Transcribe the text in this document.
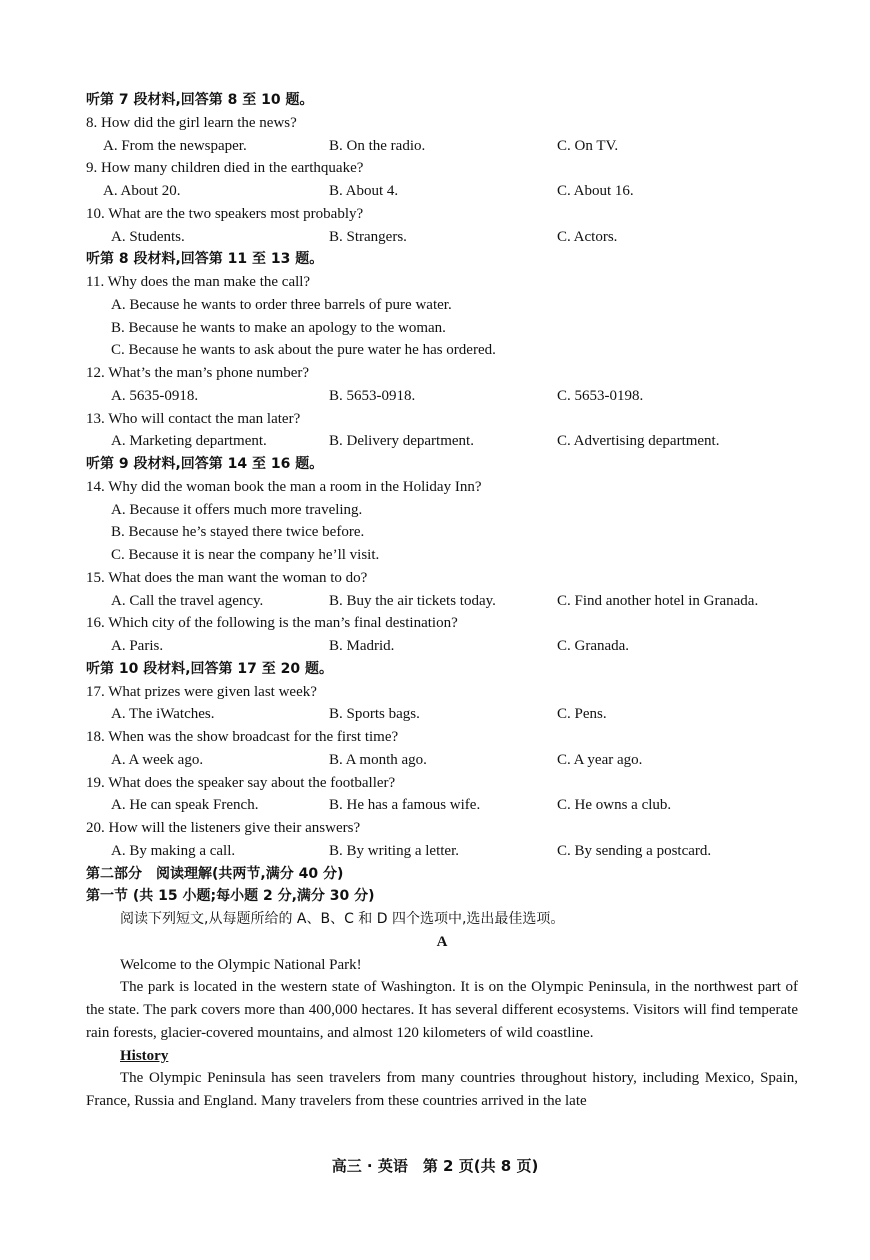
听第 7 段材料,回答第 8 至 10 题。
8. How did the girl learn the news?
A. From the newspaper.	B. On the radio.	C. On TV.
9. How many children died in the earthquake?
A. About 20.	B. About 4.	C. About 16.
10. What are the two speakers most probably?
A. Students.	B. Strangers.	C. Actors.
听第 8 段材料,回答第 11 至 13 题。
11. Why does the man make the call?
A. Because he wants to order three barrels of pure water.
B. Because he wants to make an apology to the woman.
C. Because he wants to ask about the pure water he has ordered.
12. What’s the man’s phone number?
A. 5635-0918.	B. 5653-0918.	C. 5653-0198.
13. Who will contact the man later?
A. Marketing department.	B. Delivery department.	C. Advertising department.
听第 9 段材料,回答第 14 至 16 题。
14. Why did the woman book the man a room in the Holiday Inn?
A. Because it offers much more traveling.
B. Because he’s stayed there twice before.
C. Because it is near the company he’ll visit.
15. What does the man want the woman to do?
A. Call the travel agency.	B. Buy the air tickets today.	C. Find another hotel in Granada.
16. Which city of the following is the man’s final destination?
A. Paris.	B. Madrid.	C. Granada.
听第 10 段材料,回答第 17 至 20 题。
17. What prizes were given last week?
A. The iWatches.	B. Sports bags.	C. Pens.
18. When was the show broadcast for the first time?
A. A week ago.	B. A month ago.	C. A year ago.
19. What does the speaker say about the footballer?
A. He can speak French.	B. He has a famous wife.	C. He owns a club.
20. How will the listeners give their answers?
A. By making a call.	B. By writing a letter.	C. By sending a postcard.
第二部分　阅读理解(共两节,满分 40 分)
第一节 (共 15 小题;每小题 2 分,满分 30 分)
阅读下列短文,从每题所给的 A、B、C 和 D 四个选项中,选出最佳选项。
A
Welcome to the Olympic National Park!
The park is located in the western state of Washington. It is on the Olympic Peninsula, in the northwest part of the state. The park covers more than 400,000 hectares. It has several different ecosystems. Visitors will find temperate rain forests, glacier-covered mountains, and almost 120 kilometers of wild coastline.
History
The Olympic Peninsula has seen travelers from many countries throughout history, including Mexico, Spain, France, Russia and England. Many travelers from these countries arrived in the late
高三 · 英语　第 2 页(共 8 页)
